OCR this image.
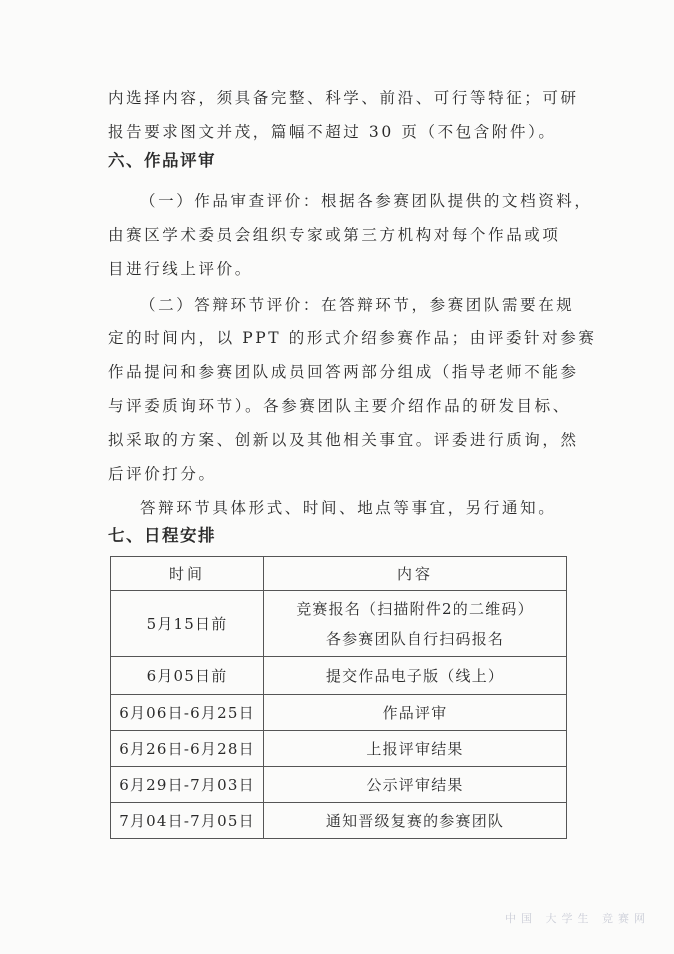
内选择内容，须具备完整、科学、前沿、可行等特征；可研
报告要求图文并茂，篇幅不超过 30 页（不包含附件）。
六、作品评审
（一）作品审查评价：根据各参赛团队提供的文档资料，
由赛区学术委员会组织专家或第三方机构对每个作品或项
目进行线上评价。
（二）答辩环节评价：在答辩环节，参赛团队需要在规
定的时间内，以 PPT 的形式介绍参赛作品；由评委针对参赛
作品提问和参赛团队成员回答两部分组成（指导老师不能参
与评委质询环节）。各参赛团队主要介绍作品的研发目标、
拟采取的方案、创新以及其他相关事宜。评委进行质询，然
后评价打分。
答辩环节具体形式、时间、地点等事宜，另行通知。
七、日程安排
时间	内容
5月15日前	竞赛报名（扫描附件2的二维码）
各参赛团队自行扫码报名

6月05日前	提交作品电子版（线上）
6月06日-6月25日	作品评审
6月26日-6月28日	上报评审结果
6月29日-7月03日	公示评审结果
7月04日-7月05日	通知晋级复赛的参赛团队
中国 大学生 竞赛网
